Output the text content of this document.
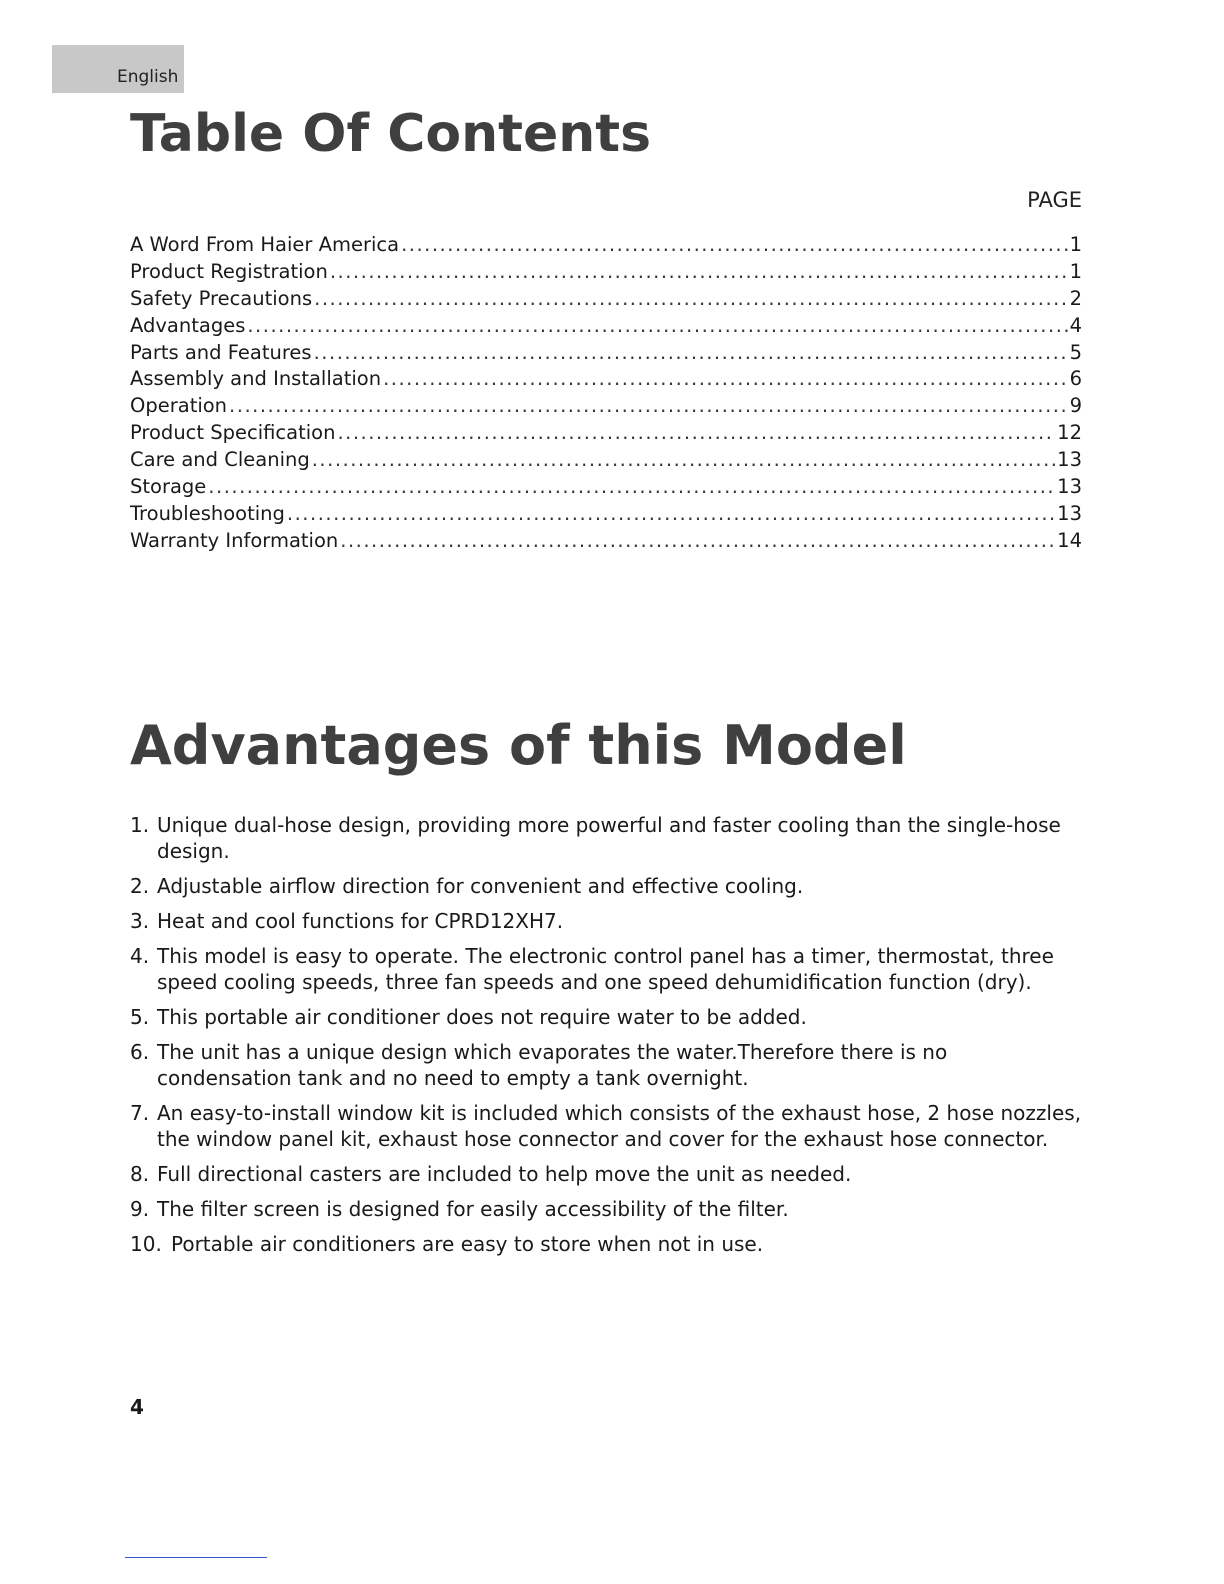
English
Table Of Contents
PAGE
A Word From Haier America .....	1
Product Registration .....	1
Safety Precautions .....	2
Advantages .....	4
Parts and Features .....	5
Assembly and Installation .....	6
Operation .....	9
Product Specification .....	12
Care and Cleaning .....	13
Storage .....	13
Troubleshooting .....	13
Warranty Information .....	14
Advantages of this Model
1. Unique dual-hose design, providing more powerful and faster cooling than the single-hose design.
2. Adjustable airflow direction for convenient and effective cooling.
3. Heat and cool functions for CPRD12XH7.
4. This model is easy to operate. The electronic control panel has a timer, thermostat, three speed cooling speeds, three fan speeds and one speed dehumidification function (dry).
5. This portable air conditioner does not require water to be added.
6. The unit has a unique design which evaporates the water.Therefore there is no condensation tank and no need to empty a tank overnight.
7. An easy-to-install window kit is included which consists of the exhaust hose, 2 hose nozzles, the window panel kit, exhaust hose connector and cover for the exhaust hose connector.
8. Full directional casters are included to help move the unit as needed.
9. The filter screen is designed for easily accessibility of the filter.
10. Portable air conditioners are easy to store when not in use.
4
